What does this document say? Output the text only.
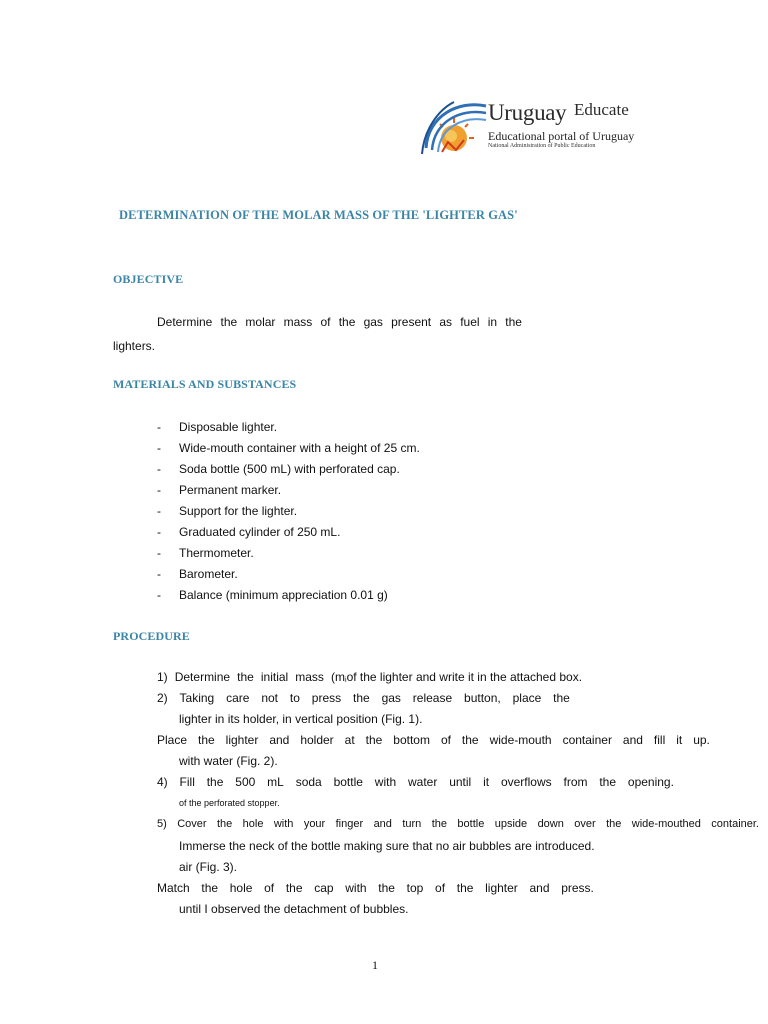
Uruguay Educate
Educational portal of Uruguay
National Administration of Public Education
DETERMINATION OF THE MOLAR MASS OF THE 'LIGHTER GAS'
OBJECTIVE
Determine the molar mass of the gas present as fuel in the
lighters.
MATERIALS AND SUBSTANCES
- Disposable lighter.
- Wide-mouth container with a height of 25 cm.
- Soda bottle (500 mL) with perforated cap.
- Permanent marker.
- Support for the lighter.
- Graduated cylinder of 250 mL.
- Thermometer.
- Barometer.
- Balance (minimum appreciation 0.01 g)
PROCEDURE
1) Determine the initial mass (m i of the lighter and write it in the attached box.
2) Taking care not to press the gas release button, place the
lighter in its holder, in vertical position (Fig. 1).
Place the lighter and holder at the bottom of the wide-mouth container and fill it up.
with water (Fig. 2).
4) Fill the 500 mL soda bottle with water until it overflows from the opening.
of the perforated stopper.
5) Cover the hole with your finger and turn the bottle upside down over the wide-mouthed container.
Immerse the neck of the bottle making sure that no air bubbles are introduced.
air (Fig. 3).
Match the hole of the cap with the top of the lighter and press.
until I observed the detachment of bubbles.
1
